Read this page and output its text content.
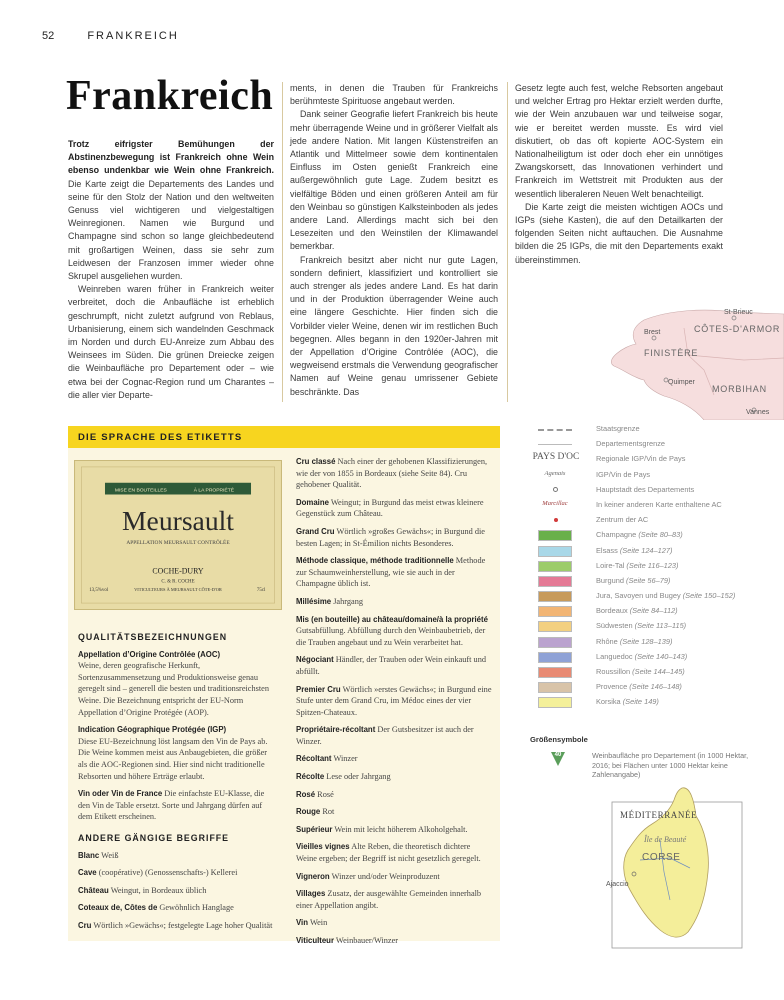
52	FRANKREICH
Frankreich

Trotz eifrigster Bemühungen der Abstinenzbewegung ist Frankreich ohne Wein ebenso undenkbar wie Wein ohne Frankreich. Die Karte zeigt die Departements des Landes und seine für den Stolz der Nation und den weltweiten Genuss viel wichtigeren und vielgestaltigen Weinregionen. Namen wie Burgund und Champagne sind schon so lange gleichbedeutend mit großartigen Weinen, dass sie sehr zum Leidwesen der Franzosen immer wieder ohne Skrupel ausgeliehen wurden.

Weinreben waren früher in Frankreich weiter verbreitet, doch die Anbaufläche ist erheblich geschrumpft, nicht zuletzt aufgrund von Reblaus, Urbanisierung, einem sich wandelnden Geschmack im Norden und durch EU-Anreize zum Abbau des Weinsees im Süden. Die grünen Dreiecke zeigen die Weinbaufläche pro Departement oder – wie etwa bei der Cognac-Region rund um Charantes – die aller vier Departe-

ments, in denen die Trauben für Frankreichs berühmteste Spirituose angebaut werden.

Dank seiner Geografie liefert Frankreich bis heute mehr überragende Weine und in größerer Vielfalt als jede andere Nation. Mit langen Küstenstreifen an Atlantik und Mittelmeer sowie dem kontinentalen Einfluss im Osten genießt Frankreich eine außergewöhnlich gute Lage. Zudem besitzt es vielfältige Böden und einen größeren Anteil am für den Weinbau so günstigen Kalksteinboden als jedes andere Land. Allerdings macht sich bei den Lesezeiten und den Weinstilen der Klimawandel bemerkbar.

Frankreich besitzt aber nicht nur gute Lagen, sondern definiert, klassifiziert und kontrolliert sie auch strenger als jedes andere Land. Es hat darin und in der Produktion überragender Weine auch eine längere Geschichte. Hier finden sich die Vorbilder vieler Weine, denen wir im restlichen Buch begegnen. Alles begann in den 1920er-Jahren mit der Appellation d’Origine Contrôlée (AOC), die wegweisend erstmals die Verwendung geografischer Namen auf Weine genau umrissener Gebiete beschränkte. Das

Gesetz legte auch fest, welche Rebsorten angebaut und welcher Ertrag pro Hektar erzielt werden durfte, wie der Wein anzubauen war und teilweise sogar, wie er bereitet werden musste. Es wird viel diskutiert, ob das oft kopierte AOC-System ein Nationalheiligtum ist oder doch eher ein unnötiges Zwangskorsett, das Innovationen verhindert und Frankreich im Wettstreit mit Produkten aus der wesentlich liberaleren Neuen Welt benachteiligt.

Die Karte zeigt die meisten wichtigen AOCs und IGPs (siehe Kasten), die auf den Detailkarten der folgenden Seiten nicht auftauchen. Die Ausnahme bilden die 25 IGPs, die mit den Departements exakt übereinstimmen.

St-Brieuc
Brest	CÔTES-D'ARMOR
FINISTÈRE
Quimper
MORBIHAN
Vannes
DIE SPRACHE DES ETIKETTS
MISE EN BOUTEILLES	À LA PROPRIÉTÉ
Meursault
APPELLATION MEURSAULT CONTRÔLÉE
COCHE-DURY
C. & R. COCHE
VITICULTEURS À MEURSAULT CÔTE-D'OR
13,5%vol	75cl
QUALITÄTSBEZEICHNUNGEN
Appellation d’Origine Contrôlée (AOC)
Weine, deren geografische Herkunft, Sortenzusammensetzung und Produktionsweise genau geregelt sind – generell die besten und traditionsreichsten Weine. Die Bezeichnung entspricht der EU-Norm Appellation d’Origine Protégée (AOP).
Indication Géographique Protégée (IGP)
Diese EU-Bezeichnung löst langsam den Vin de Pays ab. Die Weine kommen meist aus Anbaugebieten, die größer als die AOC-Regionen sind. Hier sind nicht traditionelle Rebsorten und höhere Erträge erlaubt.
Vin oder Vin de France Die einfachste EU-Klasse, die den Vin de Table ersetzt. Sorte und Jahrgang dürfen auf dem Etikett erscheinen.
ANDERE GÄNGIGE BEGRIFFE
Blanc Weiß
Cave (coopérative) (Genossenschafts-) Kellerei
Château Weingut, in Bordeaux üblich
Coteaux de, Côtes de Gewöhnlich Hanglage
Cru Wörtlich »Gewächs«; festgelegte Lage hoher Qualität
Cru classé Nach einer der gehobenen Klassifizierungen, wie der von 1855 in Bordeaux (siehe Seite 84). Cru gehobener Qualität.
Domaine Weingut; in Burgund das meist etwas kleinere Gegenstück zum Château.
Grand Cru Wörtlich »großes Gewächs«; in Burgund die besten Lagen; in St-Émilion nichts Besonderes.
Méthode classique, méthode traditionnelle Methode zur Schaumweinherstellung, wie sie auch in der Champagne üblich ist.
Millésime Jahrgang
Mis (en bouteille) au château/domaine/à la propriété Gutsabfüllung. Abfüllung durch den Weinbaubetrieb, der die Trauben angebaut und zu Wein verarbeitet hat.
Négociant Händler, der Trauben oder Wein einkauft und abfüllt.
Premier Cru Wörtlich »erstes Gewächs«; in Burgund eine Stufe unter dem Grand Cru, im Médoc eines der vier Spitzen-Chateaux.
Propriétaire-récoltant Der Gutsbesitzer ist auch der Winzer.
Récoltant Winzer
Récolte Lese oder Jahrgang
Rosé Rosé
Rouge Rot
Supérieur Wein mit leicht höherem Alkoholgehalt.
Vieilles vignes Alte Reben, die theoretisch dichtere Weine ergeben; der Begriff ist nicht gesetzlich geregelt.
Vigneron Winzer und/oder Weinproduzent
Villages Zusatz, der ausgewählte Gemeinden innerhalb einer Appellation angibt.
Vin Wein
Viticulteur Weinbauer/Winzer
Staatsgrenze
Departementsgrenze
PAYS D'OC	Regionale IGP/Vin de Pays
Agenais	IGP/Vin de Pays
Hauptstadt des Departements
Marcillac	In keiner anderen Karte enthaltene AC
Zentrum der AC
Champagne (Seite 80–83)
Elsass (Seite 124–127)
Loire-Tal (Seite 116–123)
Burgund (Seite 56–79)
Jura, Savoyen und Bugey (Seite 150–152)
Bordeaux (Seite 84–112)
Südwesten (Seite 113–115)
Rhône (Seite 128–139)
Languedoc (Seite 140–143)
Roussillon (Seite 144–145)
Provence (Seite 146–148)
Korsika (Seite 149)
Größensymbole
40	Weinbaufläche pro Departement (in 1000 Hektar, 2016; bei Flächen unter 1000 Hektar keine Zahlenangabe)
MÉDITERRANÉE
Île de Beauté
CORSE
Ajaccio
